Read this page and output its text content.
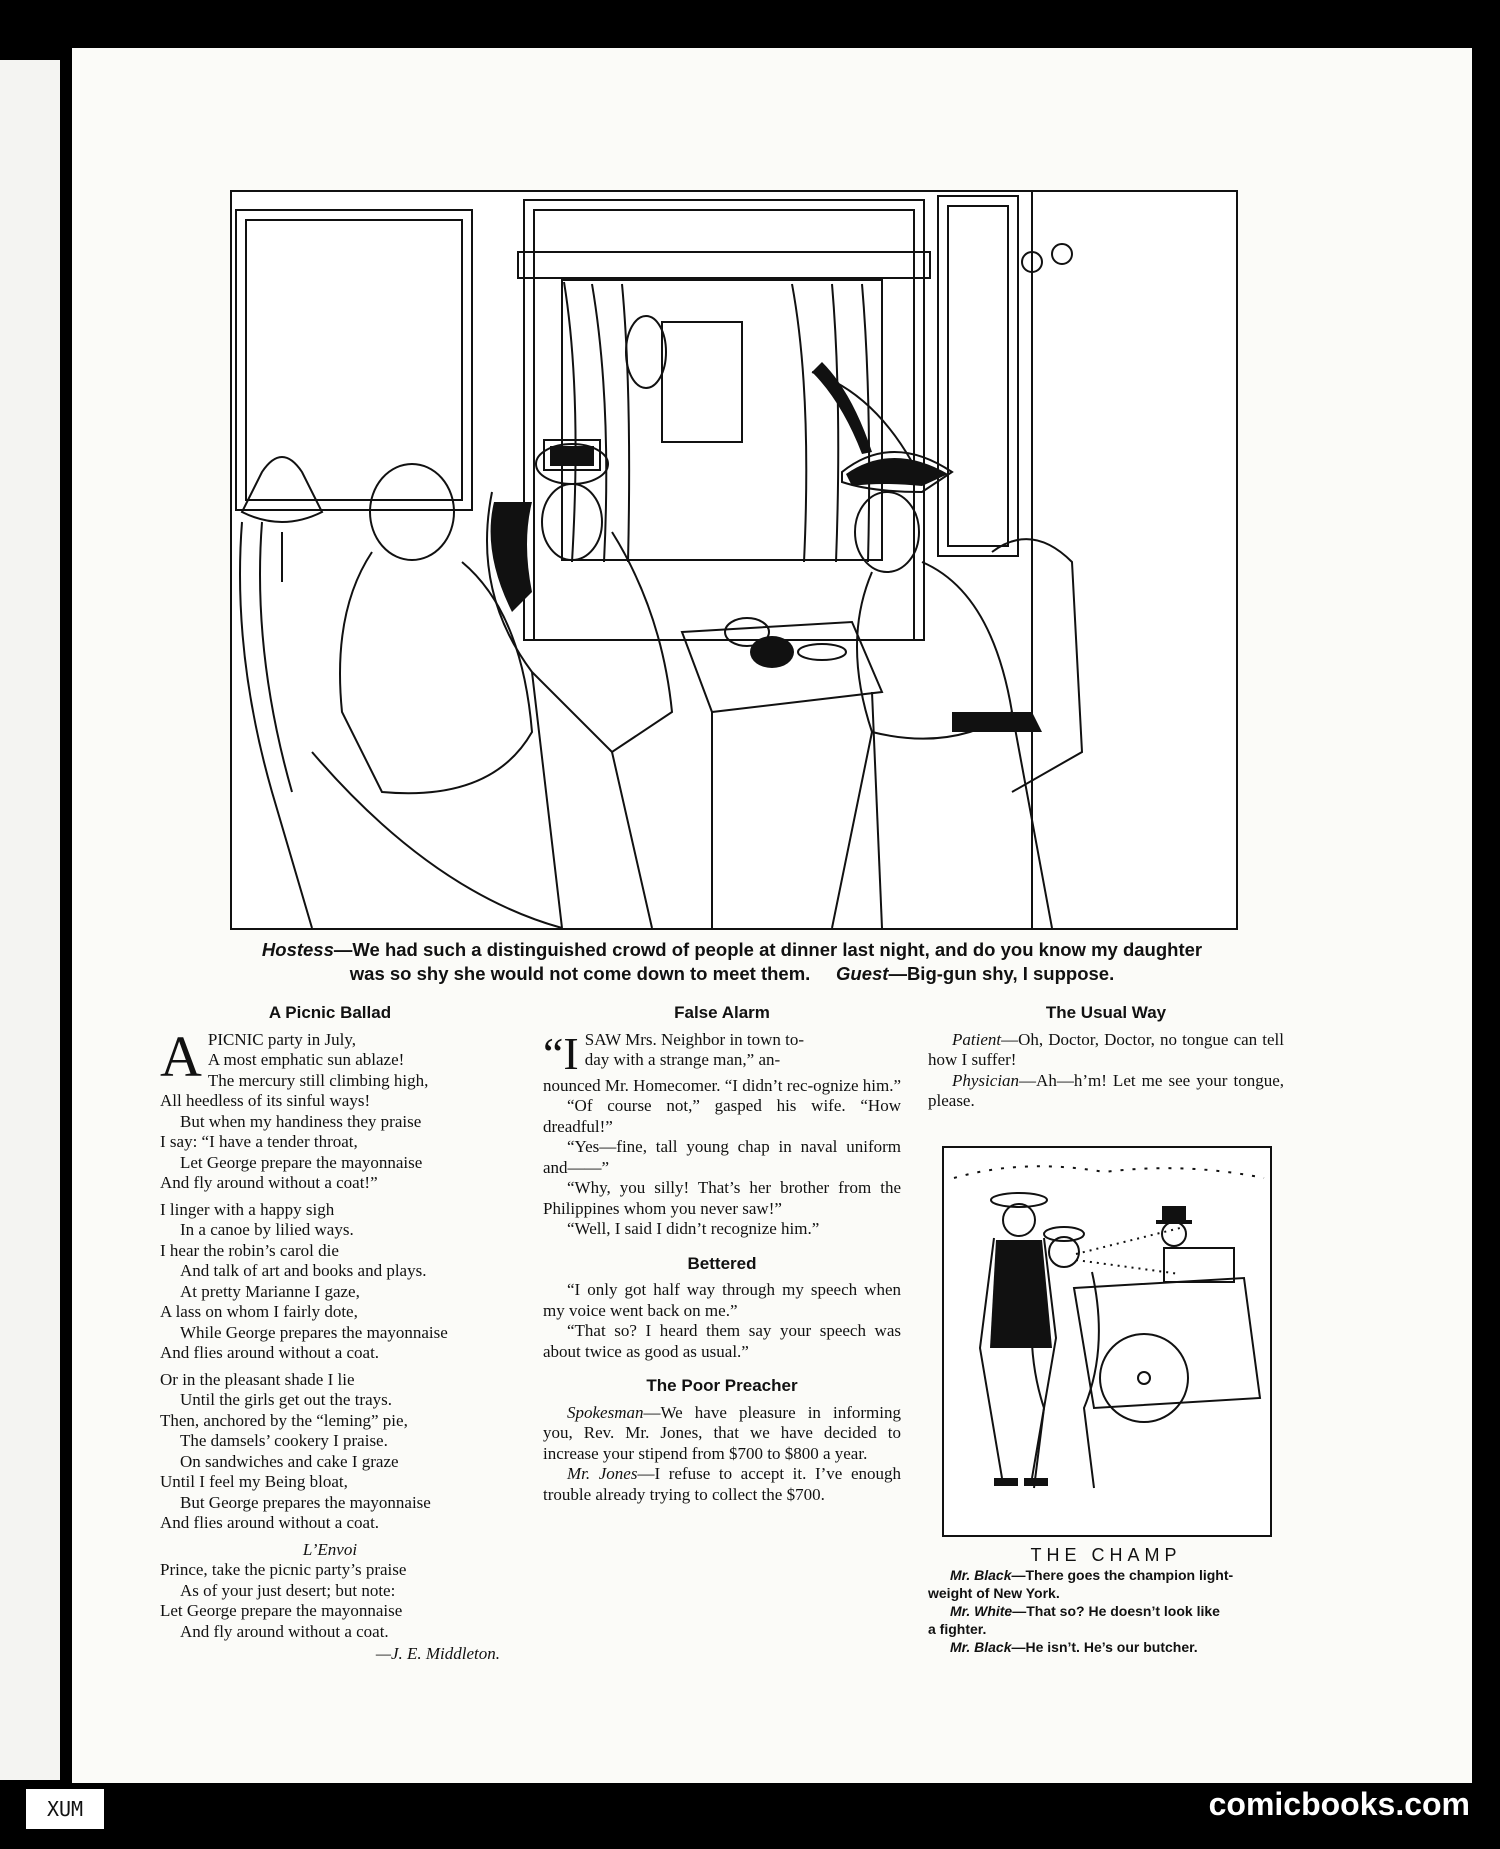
Hostess—We had such a distinguished crowd of people at dinner last night, and do you know my daughter
was so shy she would not come down to meet them. Guest—Big-gun shy, I suppose.
A Picnic Ballad
A PICNIC party in July,
A most emphatic sun ablaze!
The mercury still climbing high,
All heedless of its sinful ways!
But when my handiness they praise
I say: “I have a tender throat,
Let George prepare the mayonnaise
And fly around without a coat!”
I linger with a happy sigh
In a canoe by lilied ways.
I hear the robin’s carol die
And talk of art and books and plays.
At pretty Marianne I gaze,
A lass on whom I fairly dote,
While George prepares the mayonnaise
And flies around without a coat.
Or in the pleasant shade I lie
Until the girls get out the trays.
Then, anchored by the “leming” pie,
The damsels’ cookery I praise.
On sandwiches and cake I graze
Until I feel my Being bloat,
But George prepares the mayonnaise
And flies around without a coat.
L’Envoi
Prince, take the picnic party’s praise
As of your just desert; but note:
Let George prepare the mayonnaise
And fly around without a coat.
—J. E. Middleton.
False Alarm
“I SAW Mrs. Neighbor in town to-

day with a strange man,” an-

nounced Mr. Homecomer. “I didn’t rec-ognize him.”

“Of course not,” gasped his wife. “How dreadful!”

“Yes—fine, tall young chap in naval uniform and——”

“Why, you silly! That’s her brother from the Philippines whom you never saw!”

“Well, I said I didn’t recognize him.”

Bettered

“I only got half way through my speech when my voice went back on me.”

“That so? I heard them say your speech was about twice as good as usual.”

The Poor Preacher

Spokesman—We have pleasure in informing you, Rev. Mr. Jones, that we have decided to increase your stipend from $700 to $800 a year.

Mr. Jones—I refuse to accept it. I’ve enough trouble already trying to collect the $700.

The Usual Way

Patient—Oh, Doctor, Doctor, no tongue can tell how I suffer!

Physician—Ah—h’m! Let me see your tongue, please.

THE CHAMP
Mr. Black—There goes the champion light-
weight of New York.
Mr. White—That so? He doesn’t look like
a fighter.
Mr. Black—He isn’t. He’s our butcher.
XUM	comicbooks.com
